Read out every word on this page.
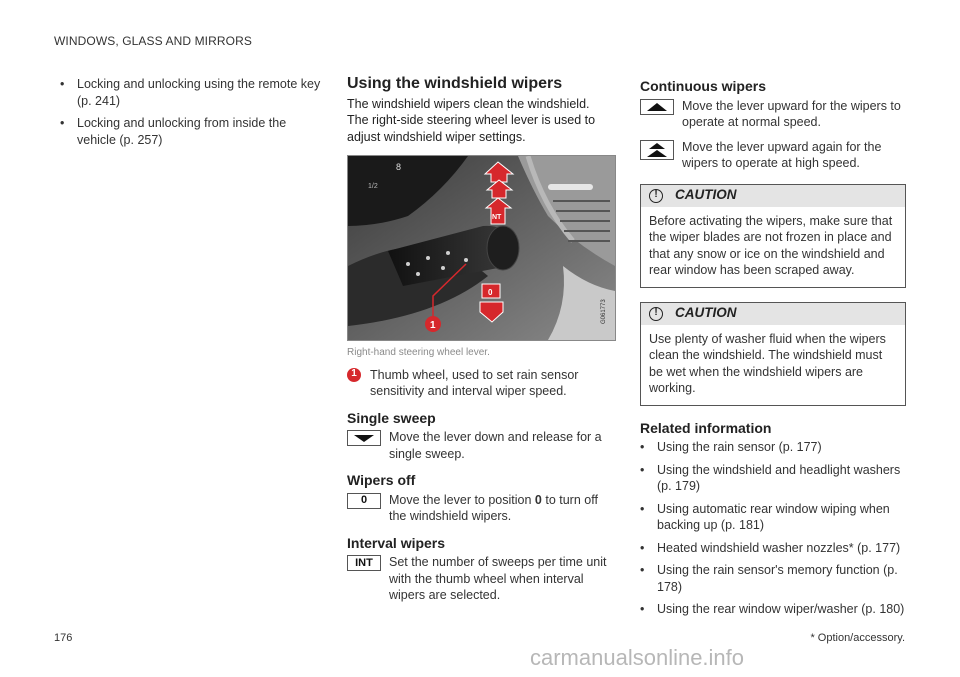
WINDOWS, GLASS AND MIRRORS
• Locking and unlocking using the remote key (p. 241)
• Locking and unlocking from inside the vehicle (p. 257)
Using the windshield wipers

The windshield wipers clean the windshield. The right-side steering wheel lever is used to adjust windshield wiper settings.

8
1/2
INT
0
1
G061773
Right-hand steering wheel lever.
1	Thumb wheel, used to set rain sensor sensitivity and interval wiper speed.
Single sweep
Move the lever down and release for a single sweep.
Wipers off
0	Move the lever to position 0 to turn off the windshield wipers.
Interval wipers
INT	Set the number of sweeps per time unit with the thumb wheel when interval wipers are selected.
Continuous wipers
Move the lever upward for the wipers to operate at normal speed.
Move the lever upward again for the wipers to operate at high speed.
!	CAUTION
Before activating the wipers, make sure that the wiper blades are not frozen in place and that any snow or ice on the windshield and rear window has been scraped away.
!	CAUTION
Use plenty of washer fluid when the wipers clean the windshield. The windshield must be wet when the windshield wipers are working.
Related information
• Using the rain sensor (p. 177)
• Using the windshield and headlight washers (p. 179)
• Using automatic rear window wiping when backing up (p. 181)
• Heated windshield washer nozzles* (p. 177)
• Using the rain sensor's memory function (p. 178)
• Using the rear window wiper/washer (p. 180)
176	* Option/accessory.
carmanualsonline.info
